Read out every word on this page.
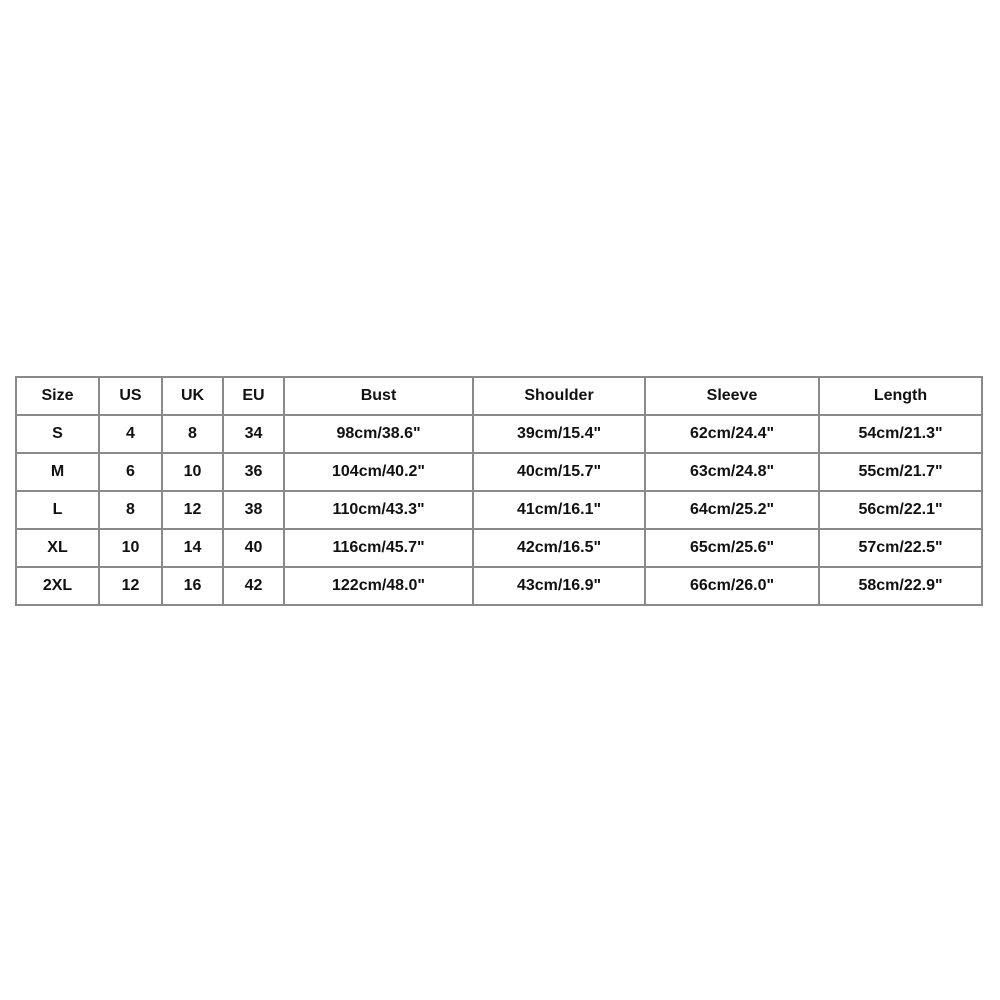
Size	US	UK	EU	Bust	Shoulder	Sleeve	Length
S	4	8	34	98cm/38.6"	39cm/15.4"	62cm/24.4"	54cm/21.3"
M	6	10	36	104cm/40.2"	40cm/15.7"	63cm/24.8"	55cm/21.7"
L	8	12	38	110cm/43.3"	41cm/16.1"	64cm/25.2"	56cm/22.1"
XL	10	14	40	116cm/45.7"	42cm/16.5"	65cm/25.6"	57cm/22.5"
2XL	12	16	42	122cm/48.0"	43cm/16.9"	66cm/26.0"	58cm/22.9"
